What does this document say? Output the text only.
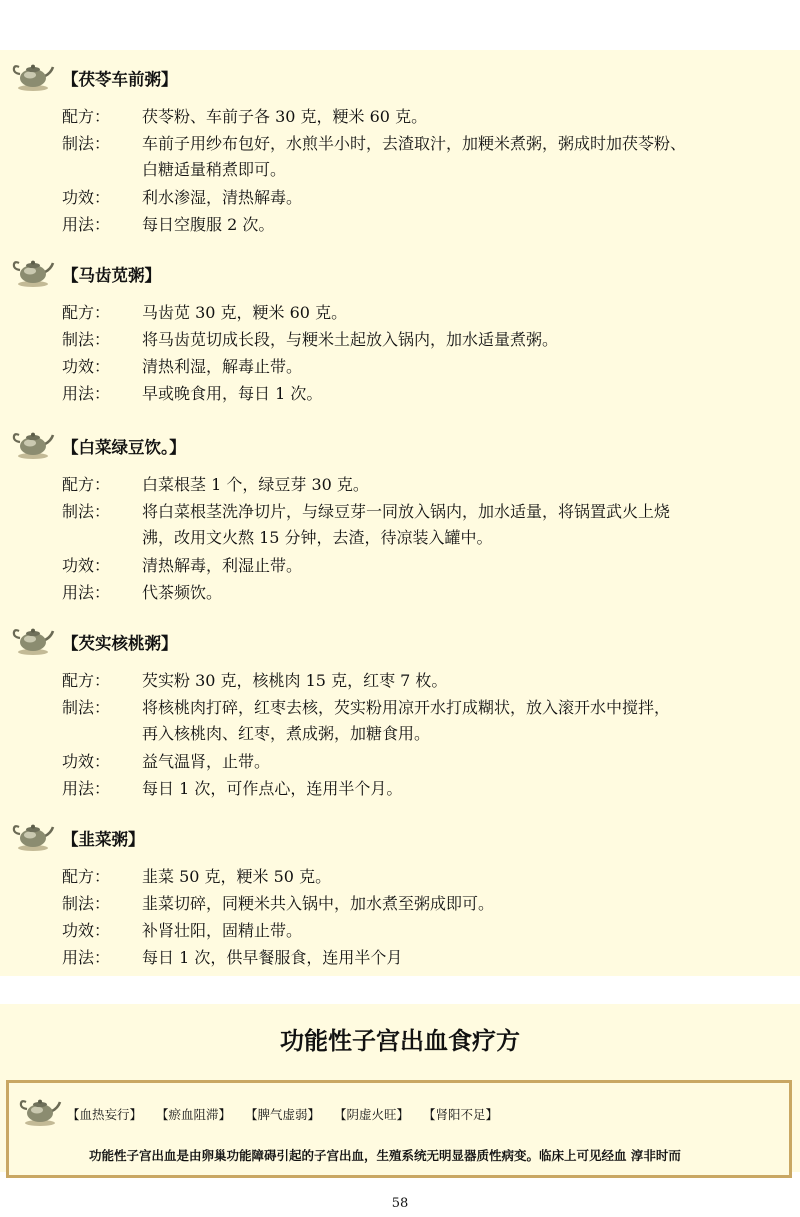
【茯苓车前粥】
配方： 茯苓粉、车前子各 30 克，粳米 60 克。
制法： 车前子用纱布包好，水煎半小时，去渣取汁，加粳米煮粥，粥成时加茯苓粉、
白糖适量稍煮即可。
功效： 利水渗湿，清热解毒。
用法： 每日空腹服 2 次。
【马齿苋粥】
配方： 马齿苋 30 克，粳米 60 克。
制法： 将马齿苋切成长段，与粳米土起放入锅内，加水适量煮粥。
功效： 清热利湿，解毒止带。
用法： 早或晚食用，每日 1 次。
【白菜绿豆饮。】
配方： 白菜根茎 1 个，绿豆芽 30 克。
制法： 将白菜根茎洗净切片，与绿豆芽一同放入锅内，加水适量，将锅置武火上烧
沸，改用文火熬 15 分钟，去渣，待凉装入罐中。
功效： 清热解毒，利湿止带。
用法： 代茶频饮。
【芡实核桃粥】
配方： 芡实粉 30 克，核桃肉 15 克，红枣 7 枚。
制法： 将核桃肉打碎，红枣去核，芡实粉用凉开水打成糊状，放入滚开水中搅拌，
再入核桃肉、红枣，煮成粥，加糖食用。
功效： 益气温肾，止带。
用法： 每日 1 次，可作点心，连用半个月。
【韭菜粥】
配方： 韭菜 50 克，粳米 50 克。
制法： 韭菜切碎，同粳米共入锅中，加水煮至粥成即可。
功效： 补肾壮阳，固精止带。
用法： 每日 1 次，供早餐服食，连用半个月
功能性子宫出血食疗方
【血热妄行】 【瘀血阻滞】 【脾气虚弱】 【阴虚火旺】 【肾阳不足】
功能性子宫出血是由卵巢功能障碍引起的子宫出血，生殖系统无明显器质性病变。临床上可见经血 淳非时而
58
